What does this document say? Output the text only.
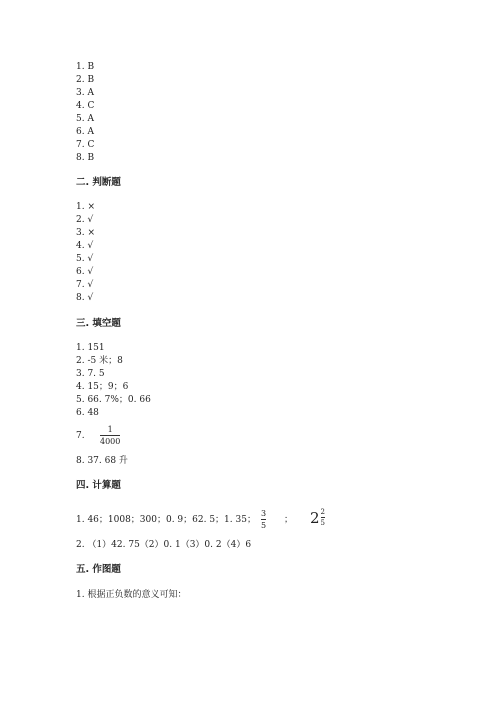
1. B
2. B
3. A
4. C
5. A
6. A
7. C
8. B
二. 判断题
1. ×
2. √
3. ×
4. √
5. √
6. √
7. √
8. √
三. 填空题
1. 151
2. -5 米；8
3. 7. 5
4. 15；9；6
5. 66. 7%；0. 66
6. 48
7.
1
4000
8. 37. 68 升
四. 计算题
1. 46；1008；300；0. 9；62. 5；1. 35；
3
5
； $2 \frac{2}{5}$
2. （1）42. 75（2）0. 1（3）0. 2（4）6
五. 作图题
1. 根据正负数的意义可知：
